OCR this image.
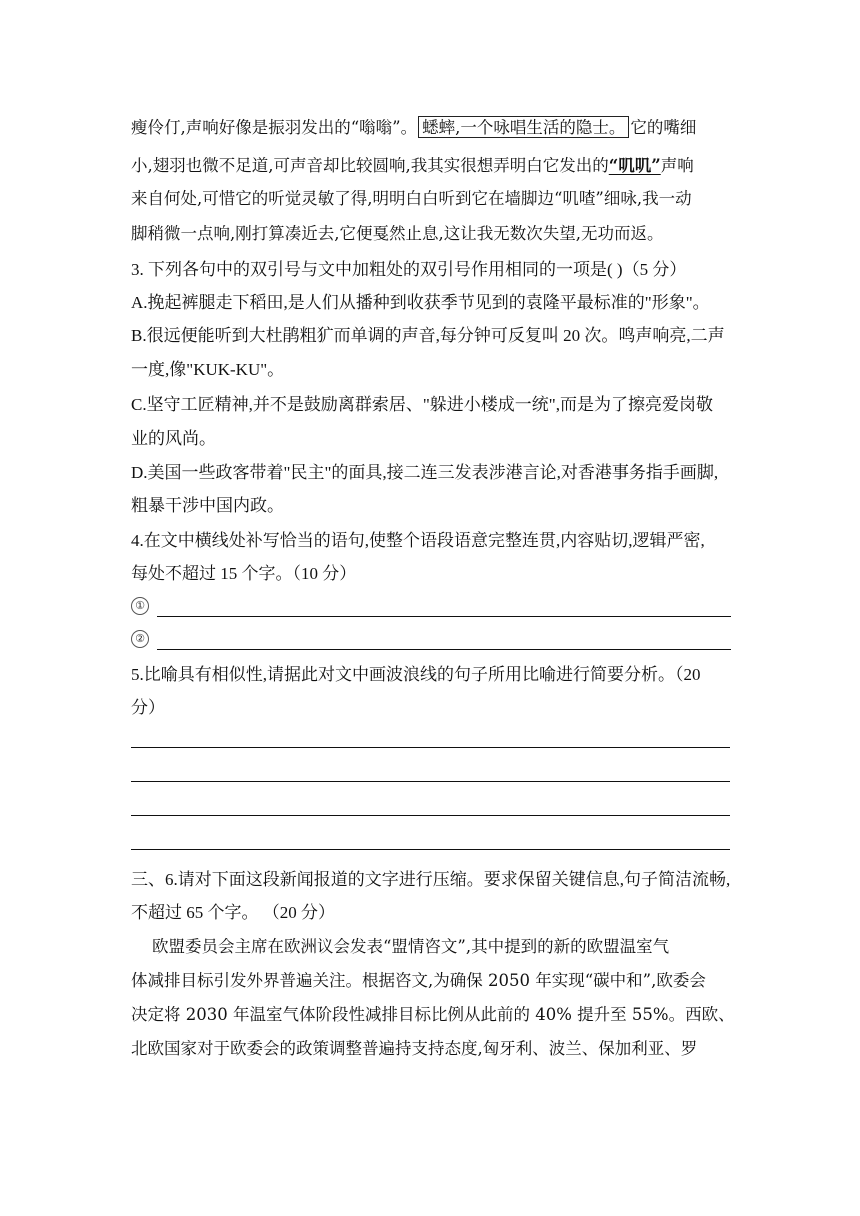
瘦伶仃,声响好像是振羽发出的“嗡嗡”。 蟋蟀,一个咏唱生活的隐士。 它的嘴细
小,翅羽也微不足道,可声音却比较圆响,我其实很想弄明白它发出的“叽叽”声响
来自何处,可惜它的听觉灵敏了得,明明白白听到它在墙脚边“叽喳”细咏,我一动
脚稍微一点响,刚打算凑近去,它便戛然止息,这让我无数次失望,无功而返。
3. 下列各句中的双引号与文中加粗处的双引号作用相同的一项是( )（5 分）
A.挽起裤腿走下稻田,是人们从播种到收获季节见到的袁隆平最标准的"形象"。
B.很远便能听到大杜鹃粗犷而单调的声音,每分钟可反复叫 20 次。鸣声响亮,二声
一度,像"KUK-KU"。
C.坚守工匠精神,并不是鼓励离群索居、"躲进小楼成一统",而是为了擦亮爱岗敬
业的风尚。
D.美国一些政客带着"民主"的面具,接二连三发表涉港言论,对香港事务指手画脚,
粗暴干涉中国内政。
4.在文中横线处补写恰当的语句,使整个语段语意完整连贯,内容贴切,逻辑严密,
每处不超过 15 个字。（10 分）
①
②
5.比喻具有相似性,请据此对文中画波浪线的句子所用比喻进行简要分析。（20
分）
三、6.请对下面这段新闻报道的文字进行压缩。要求保留关键信息,句子简洁流畅,
不超过 65 个字。 （20 分）
欧盟委员会主席在欧洲议会发表“盟情咨文”,其中提到的新的欧盟温室气
体减排目标引发外界普遍关注。根据咨文,为确保 2050 年实现“碳中和”,欧委会
决定将 2030 年温室气体阶段性减排目标比例从此前的 40% 提升至 55%。西欧、
北欧国家对于欧委会的政策调整普遍持支持态度,匈牙利、波兰、保加利亚、罗
